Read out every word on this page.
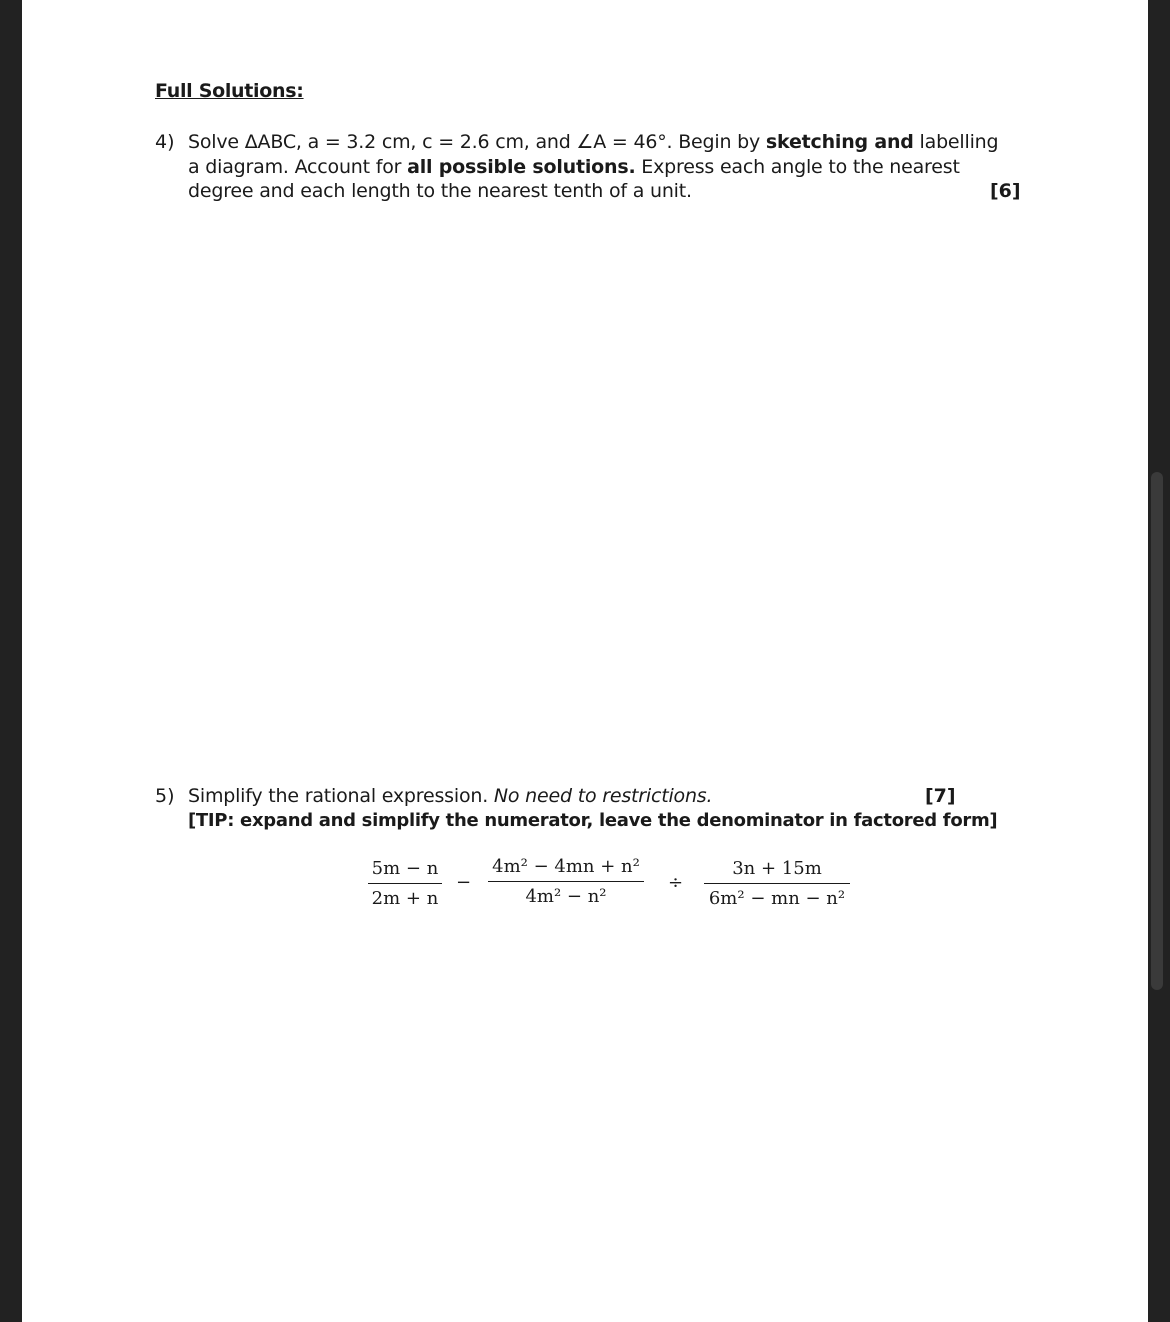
Full Solutions:
4) Solve ΔABC, a = 3.2 cm, c = 2.6 cm, and ∠A = 46°. Begin by sketching and labelling
a diagram. Account for all possible solutions. Express each angle to the nearest
degree and each length to the nearest tenth of a unit.	[6]
5) Simplify the rational expression. No need to restrictions.	[7]
[TIP: expand and simplify the numerator, leave the denominator in factored form]
$\frac{5m - n}{2m + n} - \frac{\text{4m² − 4mn + n²}}{\text{4m² − n²}} \div \frac{3n + 15m}{\text{6m² − mn − n²}}$
